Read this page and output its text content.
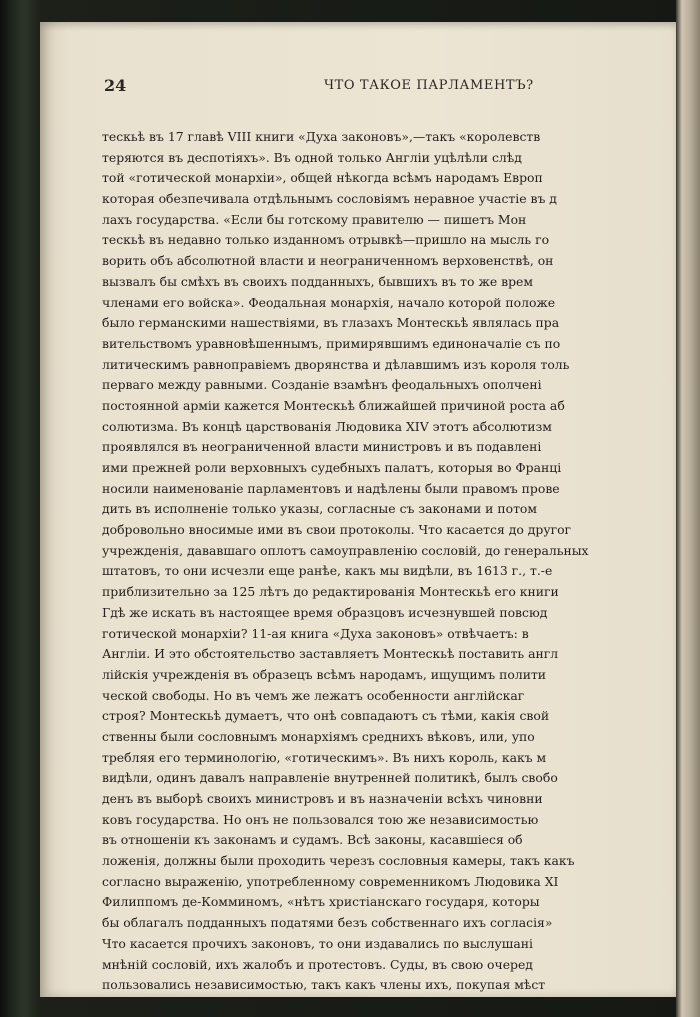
24	ЧТО ТАКОЕ ПАРЛАМЕНТЪ?
тескьѣ въ 17 главѣ VIII книги «Духа законовъ»,—такъ «королевств
теряются въ деспотіяхъ». Въ одной только Англіи уцѣлѣли слѣд
той «готической монархіи», общей нѣкогда всѣмъ народамъ Европ
которая обезпечивала отдѣльнымъ сословіямъ неравное участіе въ д
лахъ государства. «Если бы готскому правителю — пишетъ Мон
тескьѣ въ недавно только изданномъ отрывкѣ—пришло на мысль го
ворить объ абсолютной власти и неограниченномъ верховенствѣ, он
вызвалъ бы смѣхъ въ своихъ подданныхъ, бывшихъ въ то же врем
членами его войска». Феодальная монархія, начало которой положе
было германскими нашествіями, въ глазахъ Монтескьѣ являлась пра
вительствомъ уравновѣшеннымъ, примирявшимъ единоначаліе съ по
литическимъ равноправіемъ дворянства и дѣлавшимъ изъ короля толь
перваго между равными. Созданіе взамѣнъ феодальныхъ ополчені
постоянной арміи кажется Монтескьѣ ближайшей причиной роста аб
солютизма. Въ концѣ царствованія Людовика XIV этотъ абсолютизм
проявлялся въ неограниченной власти министровъ и въ подавлені
ими прежней роли верховныхъ судебныхъ палатъ, которыя во Франці
носили наименованіе парламентовъ и надѣлены были правомъ прове
дить въ исполненіе только указы, согласные съ законами и потом
добровольно вносимые ими въ свои протоколы. Что касается до другог
учрежденія, дававшаго оплотъ самоуправленію сословій, до генеральных
штатовъ, то они исчезли еще ранѣе, какъ мы видѣли, въ 1613 г., т.-е
приблизительно за 125 лѣтъ до редактированія Монтескьѣ его книги
Гдѣ же искать въ настоящее время образцовъ исчезнувшей повсюд
готической монархіи? 11-ая книга «Духа законовъ» отвѣчаетъ: в
Англіи. И это обстоятельство заставляетъ Монтескьѣ поставить англ
лійскія учрежденія въ образецъ всѣмъ народамъ, ищущимъ полити
ческой свободы. Но въ чемъ же лежатъ особенности англійскаг
строя? Монтескьѣ думаетъ, что онѣ совпадаютъ съ тѣми, какія свой
ственны были сословнымъ монархіямъ среднихъ вѣковъ, или, упо
требляя его терминологію, «готическимъ». Въ нихъ король, какъ м
видѣли, одинъ давалъ направленіе внутренней политикѣ, былъ свобо
денъ въ выборѣ своихъ министровъ и въ назначеніи всѣхъ чиновни
ковъ государства. Но онъ не пользовался тою же независимостью
въ отношеніи къ законамъ и судамъ. Всѣ законы, касавшіеся об
ложенія, должны были проходить черезъ сословныя камеры, такъ какъ
согласно выраженію, употребленному современникомъ Людовика XI
Филиппомъ де-Комминомъ, «нѣтъ христіанскаго государя, которы
бы облагалъ подданныхъ податями безъ собственнаго ихъ согласія»
Что касается прочихъ законовъ, то они издавались по выслушані
мнѣній сословій, ихъ жалобъ и протестовъ. Суды, въ свою очеред
пользовались независимостью, такъ какъ члены ихъ, покупая мѣст
